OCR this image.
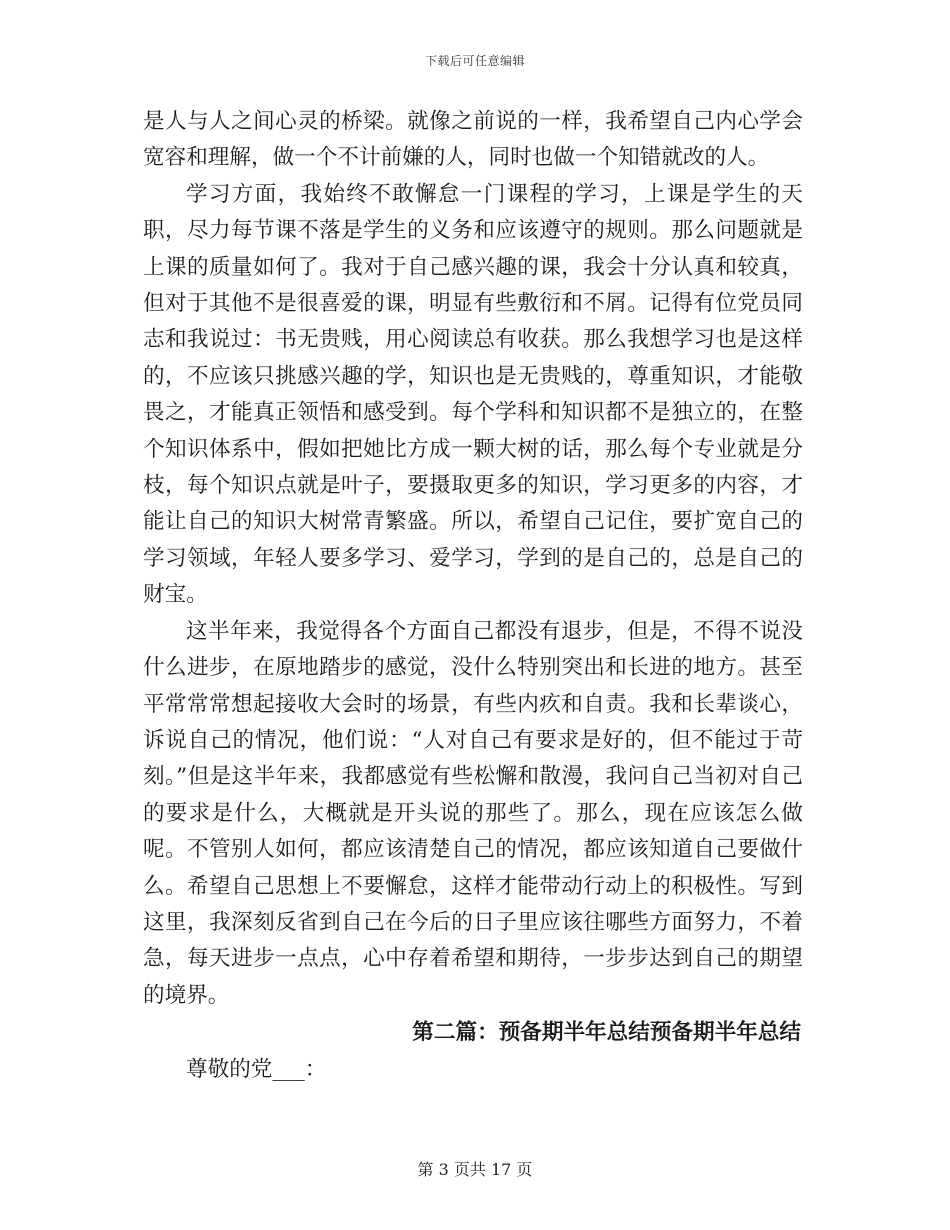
下载后可任意编辑

是人与人之间心灵的桥梁。就像之前说的一样，我希望自己内心学会宽容和理解，做一个不计前嫌的人，同时也做一个知错就改的人。

学习方面，我始终不敢懈怠一门课程的学习，上课是学生的天职，尽力每节课不落是学生的义务和应该遵守的规则。那么问题就是上课的质量如何了。我对于自己感兴趣的课，我会十分认真和较真，但对于其他不是很喜爱的课，明显有些敷衍和不屑。记得有位党员同志和我说过：书无贵贱，用心阅读总有收获。那么我想学习也是这样的，不应该只挑感兴趣的学，知识也是无贵贱的，尊重知识，才能敬畏之，才能真正领悟和感受到。每个学科和知识都不是独立的，在整个知识体系中，假如把她比方成一颗大树的话，那么每个专业就是分枝，每个知识点就是叶子，要摄取更多的知识，学习更多的内容，才能让自己的知识大树常青繁盛。所以，希望自己记住，要扩宽自己的学习领域，年轻人要多学习、爱学习，学到的是自己的，总是自己的财宝。

这半年来，我觉得各个方面自己都没有退步，但是，不得不说没什么进步，在原地踏步的感觉，没什么特别突出和长进的地方。甚至平常常常想起接收大会时的场景，有些内疚和自责。我和长辈谈心，诉说自己的情况，他们说：“人对自己有要求是好的，但不能过于苛刻。”但是这半年来，我都感觉有些松懈和散漫，我问自己当初对自己的要求是什么，大概就是开头说的那些了。那么，现在应该怎么做呢。不管别人如何，都应该清楚自己的情况，都应该知道自己要做什么。希望自己思想上不要懈怠，这样才能带动行动上的积极性。写到这里，我深刻反省到自己在今后的日子里应该往哪些方面努力，不着急，每天进步一点点，心中存着希望和期待，一步步达到自己的期望的境界。

第二篇：预备期半年总结预备期半年总结

尊敬的党___：

第 3 页共 17 页
